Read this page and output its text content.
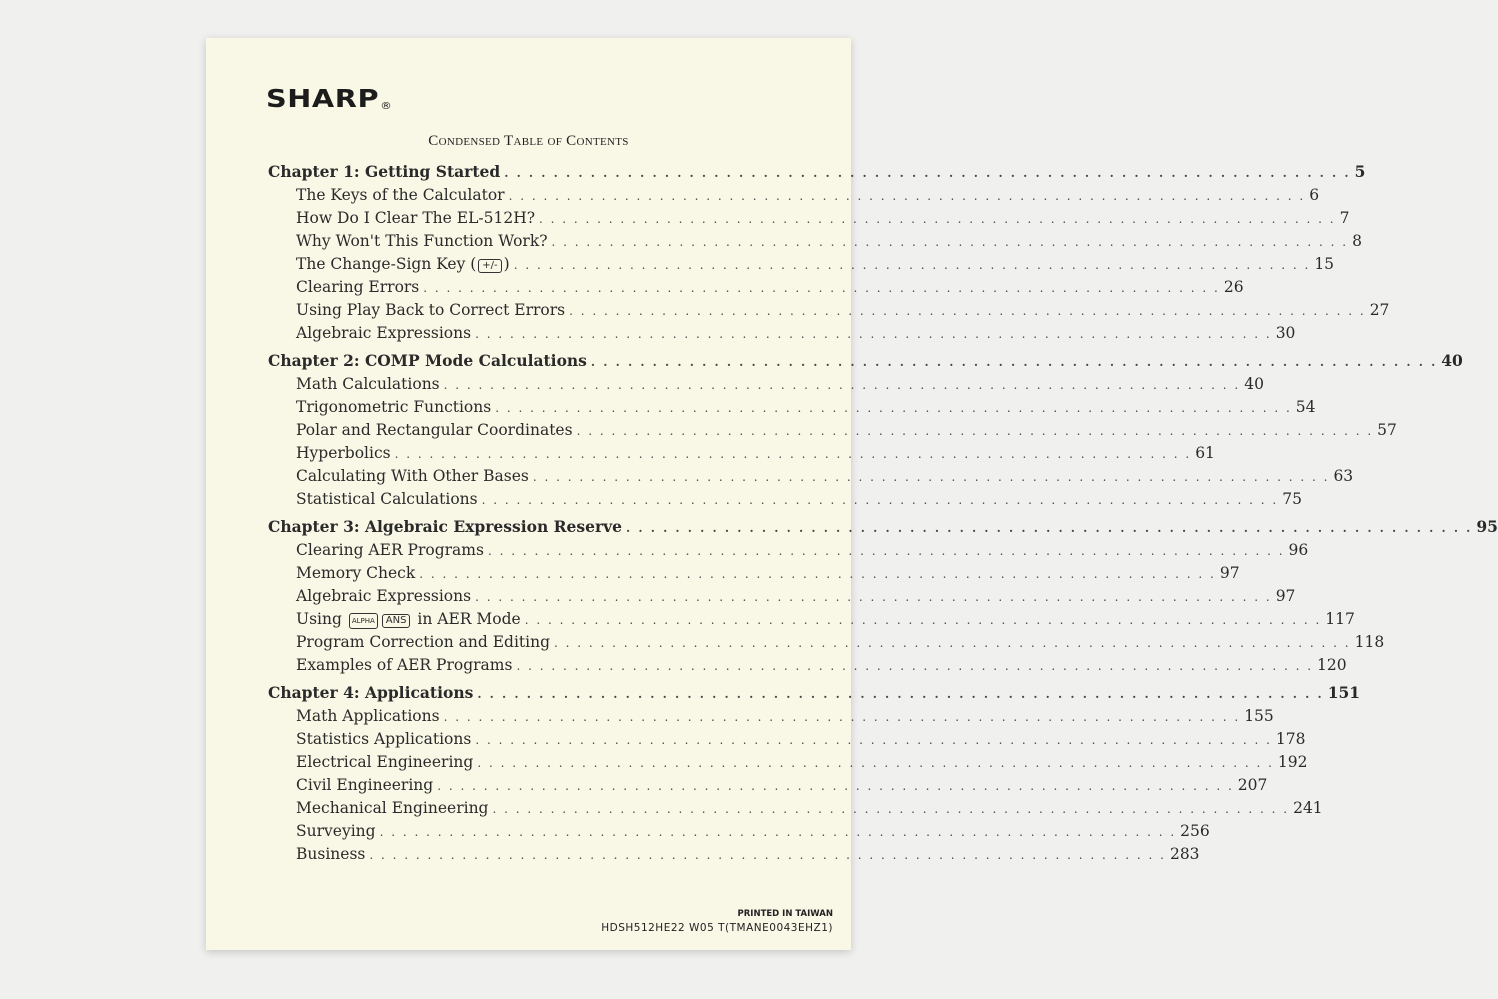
SHARP®
Condensed Table of Contents
Chapter 1: Getting Started . . . . . . . . . . . . . . . . . . . . . . . . . . . . . . . . . . . . . . . . . . . . . . . . . . . . . . . . . . . . . . . . . . . . . 5
The Keys of the Calculator . . . . . . . . . . . . . . . . . . . . . . . . . . . . . . . . . . . . . . . . . . . . . . . . . . . . . . . . . . . . . . . . . . . . . 6
How Do I Clear The EL-512H? . . . . . . . . . . . . . . . . . . . . . . . . . . . . . . . . . . . . . . . . . . . . . . . . . . . . . . . . . . . . . . . . . . . . . 7
Why Won't This Function Work? . . . . . . . . . . . . . . . . . . . . . . . . . . . . . . . . . . . . . . . . . . . . . . . . . . . . . . . . . . . . . . . . . . . . . 8
The Change-Sign Key ( +/- ) . . . . . . . . . . . . . . . . . . . . . . . . . . . . . . . . . . . . . . . . . . . . . . . . . . . . . . . . . . . . . . . . . . . . . 15
Clearing Errors . . . . . . . . . . . . . . . . . . . . . . . . . . . . . . . . . . . . . . . . . . . . . . . . . . . . . . . . . . . . . . . . . . . . . 26
Using Play Back to Correct Errors . . . . . . . . . . . . . . . . . . . . . . . . . . . . . . . . . . . . . . . . . . . . . . . . . . . . . . . . . . . . . . . . . . . . . 27
Algebraic Expressions . . . . . . . . . . . . . . . . . . . . . . . . . . . . . . . . . . . . . . . . . . . . . . . . . . . . . . . . . . . . . . . . . . . . . 30
Chapter 2: COMP Mode Calculations . . . . . . . . . . . . . . . . . . . . . . . . . . . . . . . . . . . . . . . . . . . . . . . . . . . . . . . . . . . . . . . . . . . . . 40
Math Calculations . . . . . . . . . . . . . . . . . . . . . . . . . . . . . . . . . . . . . . . . . . . . . . . . . . . . . . . . . . . . . . . . . . . . . 40
Trigonometric Functions . . . . . . . . . . . . . . . . . . . . . . . . . . . . . . . . . . . . . . . . . . . . . . . . . . . . . . . . . . . . . . . . . . . . . 54
Polar and Rectangular Coordinates . . . . . . . . . . . . . . . . . . . . . . . . . . . . . . . . . . . . . . . . . . . . . . . . . . . . . . . . . . . . . . . . . . . . . 57
Hyperbolics . . . . . . . . . . . . . . . . . . . . . . . . . . . . . . . . . . . . . . . . . . . . . . . . . . . . . . . . . . . . . . . . . . . . . 61
Calculating With Other Bases . . . . . . . . . . . . . . . . . . . . . . . . . . . . . . . . . . . . . . . . . . . . . . . . . . . . . . . . . . . . . . . . . . . . . 63
Statistical Calculations . . . . . . . . . . . . . . . . . . . . . . . . . . . . . . . . . . . . . . . . . . . . . . . . . . . . . . . . . . . . . . . . . . . . . 75
Chapter 3: Algebraic Expression Reserve . . . . . . . . . . . . . . . . . . . . . . . . . . . . . . . . . . . . . . . . . . . . . . . . . . . . . . . . . . . . . . . . . . . . . 95
Clearing AER Programs . . . . . . . . . . . . . . . . . . . . . . . . . . . . . . . . . . . . . . . . . . . . . . . . . . . . . . . . . . . . . . . . . . . . . 96
Memory Check . . . . . . . . . . . . . . . . . . . . . . . . . . . . . . . . . . . . . . . . . . . . . . . . . . . . . . . . . . . . . . . . . . . . . 97
Algebraic Expressions . . . . . . . . . . . . . . . . . . . . . . . . . . . . . . . . . . . . . . . . . . . . . . . . . . . . . . . . . . . . . . . . . . . . . 97
Using ALPHA ANS in AER Mode . . . . . . . . . . . . . . . . . . . . . . . . . . . . . . . . . . . . . . . . . . . . . . . . . . . . . . . . . . . . . . . . . . . . . 117
Program Correction and Editing . . . . . . . . . . . . . . . . . . . . . . . . . . . . . . . . . . . . . . . . . . . . . . . . . . . . . . . . . . . . . . . . . . . . . 118
Examples of AER Programs . . . . . . . . . . . . . . . . . . . . . . . . . . . . . . . . . . . . . . . . . . . . . . . . . . . . . . . . . . . . . . . . . . . . . 120
Chapter 4: Applications . . . . . . . . . . . . . . . . . . . . . . . . . . . . . . . . . . . . . . . . . . . . . . . . . . . . . . . . . . . . . . . . . . . . . 151
Math Applications . . . . . . . . . . . . . . . . . . . . . . . . . . . . . . . . . . . . . . . . . . . . . . . . . . . . . . . . . . . . . . . . . . . . . 155
Statistics Applications . . . . . . . . . . . . . . . . . . . . . . . . . . . . . . . . . . . . . . . . . . . . . . . . . . . . . . . . . . . . . . . . . . . . . 178
Electrical Engineering . . . . . . . . . . . . . . . . . . . . . . . . . . . . . . . . . . . . . . . . . . . . . . . . . . . . . . . . . . . . . . . . . . . . . 192
Civil Engineering . . . . . . . . . . . . . . . . . . . . . . . . . . . . . . . . . . . . . . . . . . . . . . . . . . . . . . . . . . . . . . . . . . . . . 207
Mechanical Engineering . . . . . . . . . . . . . . . . . . . . . . . . . . . . . . . . . . . . . . . . . . . . . . . . . . . . . . . . . . . . . . . . . . . . . 241
Surveying . . . . . . . . . . . . . . . . . . . . . . . . . . . . . . . . . . . . . . . . . . . . . . . . . . . . . . . . . . . . . . . . . . . . . 256
Business . . . . . . . . . . . . . . . . . . . . . . . . . . . . . . . . . . . . . . . . . . . . . . . . . . . . . . . . . . . . . . . . . . . . . 283
PRINTED IN TAIWAN
HDSH512HE22 W05 T(TMANE0043EHZ1)
